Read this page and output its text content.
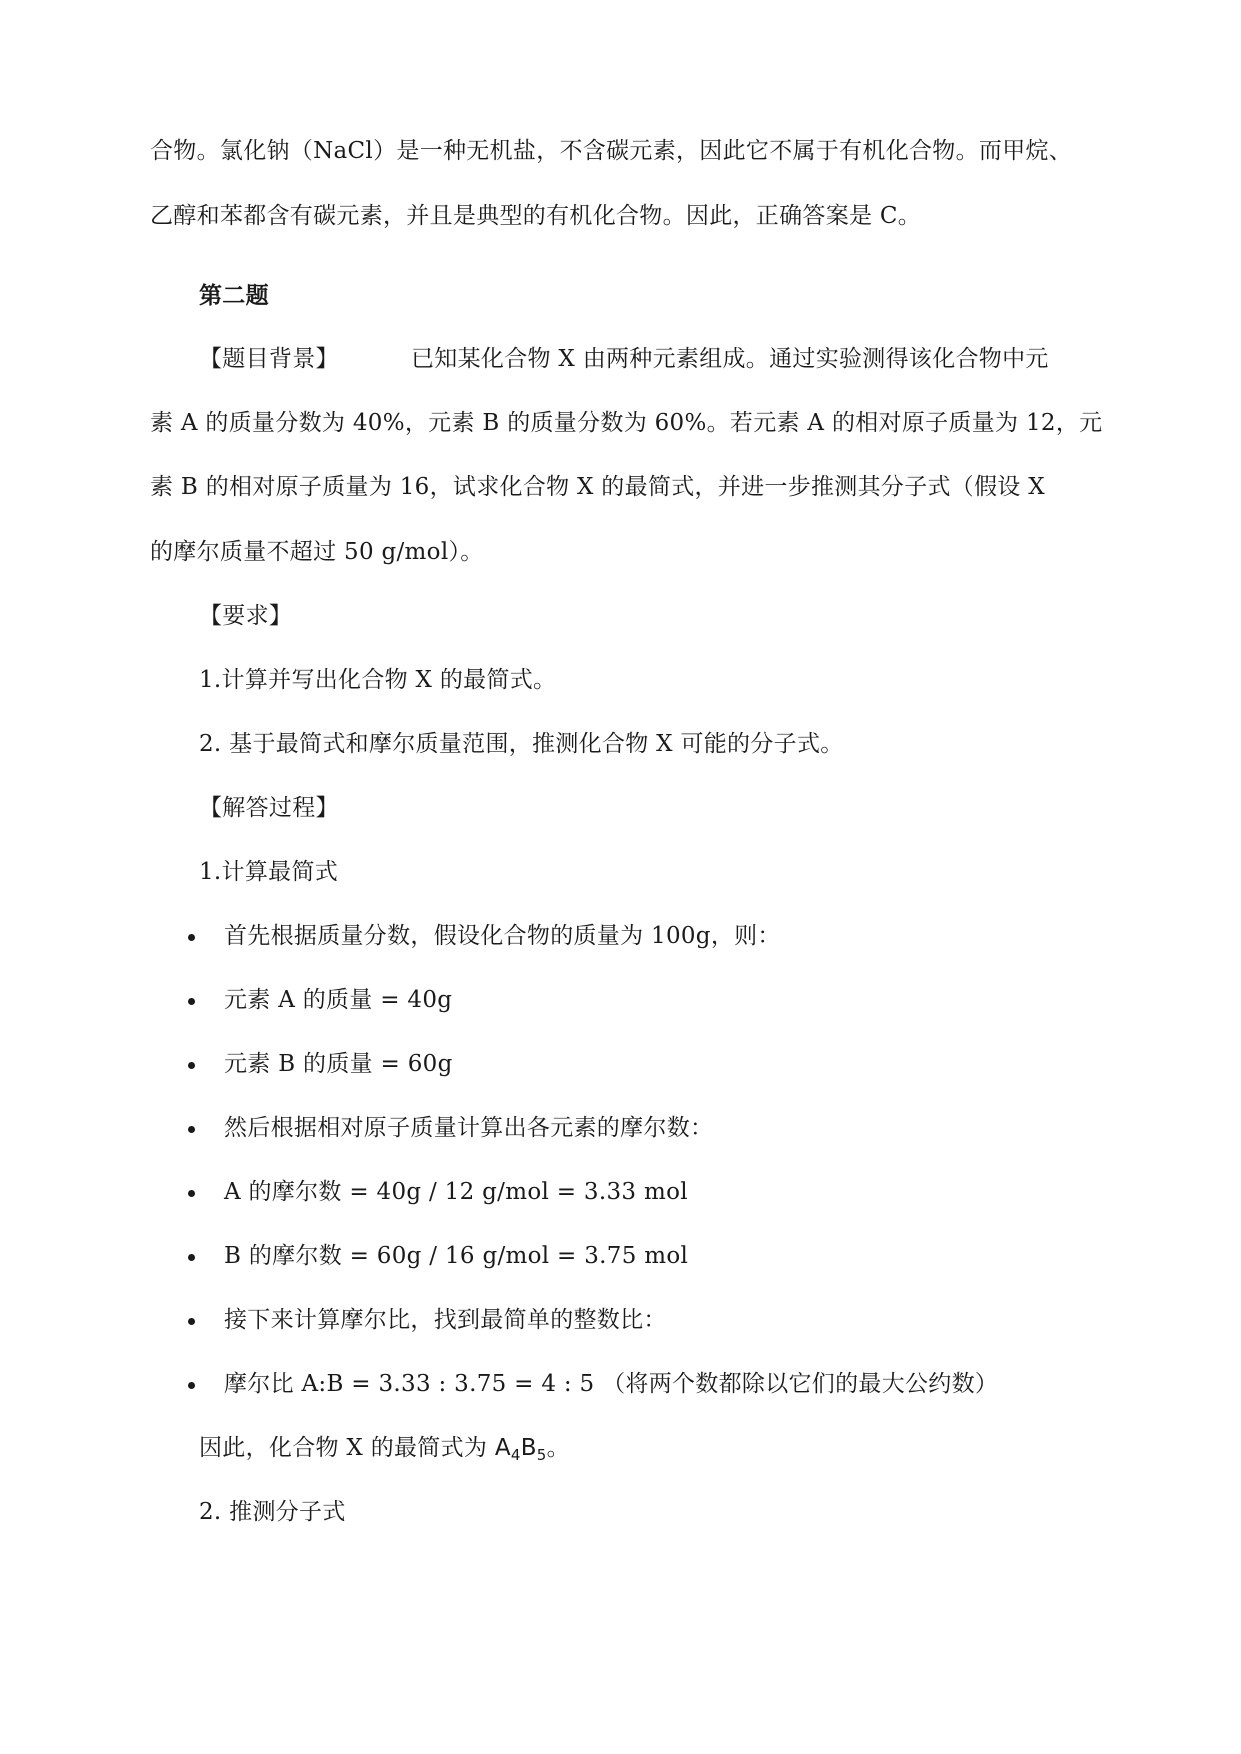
合物。氯化钠（NaCl）是一种无机盐，不含碳元素，因此它不属于有机化合物。而甲烷、
乙醇和苯都含有碳元素，并且是典型的有机化合物。因此，正确答案是 C。
第二题
【题目背景】	已知某化合物 X 由两种元素组成。通过实验测得该化合物中元
素 A 的质量分数为 40%，元素 B 的质量分数为 60%。若元素 A 的相对原子质量为 12，元
素 B 的相对原子质量为 16，试求化合物 X 的最简式，并进一步推测其分子式（假设 X
的摩尔质量不超过 50 g/mol）。
【要求】
1.计算并写出化合物 X 的最简式。
2. 基于最简式和摩尔质量范围，推测化合物 X 可能的分子式。
【解答过程】
1.计算最简式
首先根据质量分数，假设化合物的质量为 100g，则：
元素 A 的质量 = 40g
元素 B 的质量 = 60g
然后根据相对原子质量计算出各元素的摩尔数：
A 的摩尔数 = 40g / 12 g/mol = 3.33 mol
B 的摩尔数 = 60g / 16 g/mol = 3.75 mol
接下来计算摩尔比，找到最简单的整数比：
摩尔比 A:B = 3.33 : 3.75 = 4 : 5 （将两个数都除以它们的最大公约数）
因此，化合物 X 的最简式为 $A_4B_5$。
2. 推测分子式
